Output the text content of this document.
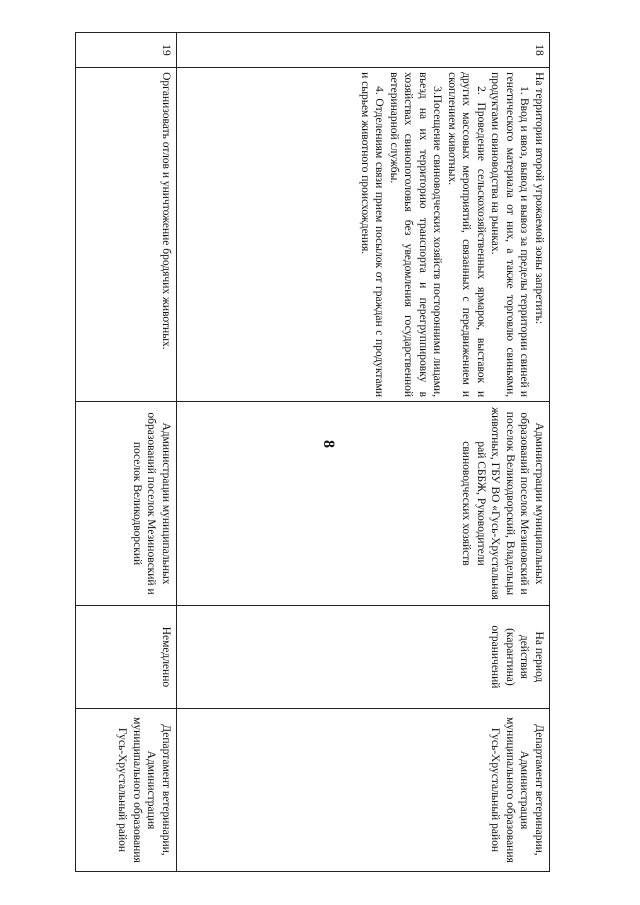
8
18	На территории второй угрожаемой зоны запретить:

1. Ввод и ввоз, вывод и вывоз за пределы территории свиней и генетического материала от них, а также торговлю свиньями, продуктами свиноводства на рынках.

2. Проведение сельскохозяйственных ярмарок, выставок и других массовых мероприятий, связанных с передвижением и скоплением животных.

3.Посещение свиноводческих хозяйств посторонними лицами, въезд на их территорию транспорта и перегруппировку в хозяйствах свинопоголовья без уведомления государственной ветеринарной службы.

4. Отделениям связи прием посылок от граждан с продуктами и сырьем животного происхождения.	Администрации муниципальных образований поселок Мезиновский и поселок Великодворский, Владельцы животных, ГБУ ВО «Гусь-Хрустальная рай СББЖ, Руководители свиноводческих хозяйств	На период действия (карантина) ограничений	Департамент ветеринарии, Администрация муниципального образования Гусь-Хрустальный район
19	Организовать отлов и уничтожение бродячих животных.	Администрации муниципальных образований поселок Мезиновский и поселок Великодворский	Немедленно	Департамент ветеринарии, Администрация муниципального образования Гусь-Хрустальный район
